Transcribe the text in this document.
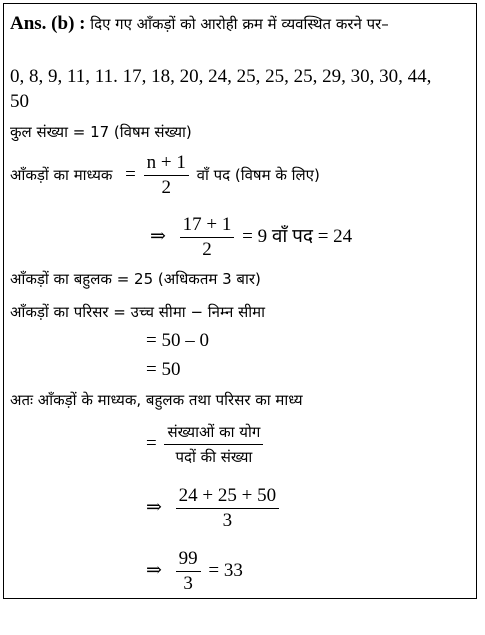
Ans. (b) : दिए गए आँकड़ों को आरोही क्रम में व्यवस्थित करने पर–
0, 8, 9, 11, 11. 17, 18, 20, 24, 25, 25, 25, 29, 30, 30, 44,
50
कुल संख्या = 17 (विषम संख्या)
आँकड़ों का माध्यक = $\frac{n + 1}{2}$ वाँ पद (विषम के लिए)
⇒ $\frac{17 + 1}{2} = 9$ वाँ पद = 24
आँकड़ों का बहुलक = 25 (अधिकतम 3 बार)
आँकड़ों का परिसर = उच्च सीमा − निम्न सीमा
= 50 – 0
= 50
अतः आँकड़ों के माध्यक, बहुलक तथा परिसर का माध्य
= $\frac{\text{संख्याओं का योग}}{\text{पदों की संख्या}}$
⇒ $\frac{24 + 25 + 50}{3}$
⇒ $\frac{99}{3} = 33$
